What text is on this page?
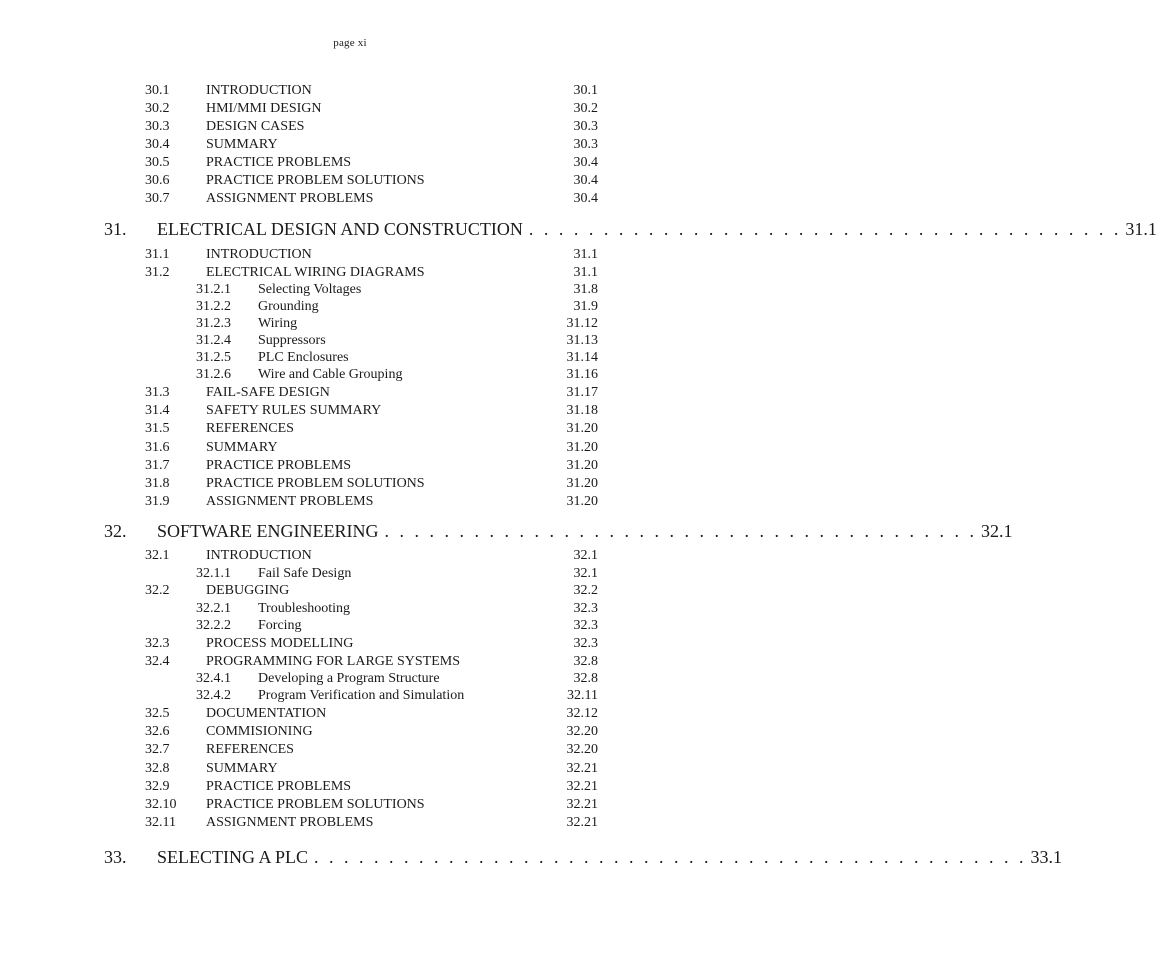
page xi
30.1	INTRODUCTION	30.1
30.2	HMI/MMI DESIGN	30.2
30.3	DESIGN CASES	30.3
30.4	SUMMARY	30.3
30.5	PRACTICE PROBLEMS	30.4
30.6	PRACTICE PROBLEM SOLUTIONS	30.4
30.7	ASSIGNMENT PROBLEMS	30.4
31. ELECTRICAL DESIGN AND CONSTRUCTION . . . . . . . . . . . . . . . . . . . . . . . . . . . . . . . . . . . . . . . . 31.1
31.1	INTRODUCTION	31.1
31.2	ELECTRICAL WIRING DIAGRAMS	31.1
31.2.1 Selecting Voltages	31.8
31.2.2 Grounding	31.9
31.2.3 Wiring	31.12
31.2.4 Suppressors	31.13
31.2.5 PLC Enclosures	31.14
31.2.6 Wire and Cable Grouping	31.16
31.3	FAIL-SAFE DESIGN	31.17
31.4	SAFETY RULES SUMMARY	31.18
31.5	REFERENCES	31.20
31.6	SUMMARY	31.20
31.7	PRACTICE PROBLEMS	31.20
31.8	PRACTICE PROBLEM SOLUTIONS	31.20
31.9	ASSIGNMENT PROBLEMS	31.20
32. SOFTWARE ENGINEERING . . . . . . . . . . . . . . . . . . . . . . . . . . . . . . . . . . . . . . . . 32.1
32.1	INTRODUCTION	32.1
32.1.1 Fail Safe Design	32.1
32.2	DEBUGGING	32.2
32.2.1 Troubleshooting	32.3
32.2.2 Forcing	32.3
32.3	PROCESS MODELLING	32.3
32.4	PROGRAMMING FOR LARGE SYSTEMS	32.8
32.4.1 Developing a Program Structure	32.8
32.4.2 Program Verification and Simulation	32.11
32.5	DOCUMENTATION	32.12
32.6	COMMISIONING	32.20
32.7	REFERENCES	32.20
32.8	SUMMARY	32.21
32.9	PRACTICE PROBLEMS	32.21
32.10 PRACTICE PROBLEM SOLUTIONS	32.21
32.11 ASSIGNMENT PROBLEMS	32.21
33. SELECTING A PLC . . . . . . . . . . . . . . . . . . . . . . . . . . . . . . . . . . . . . . . . . . . . . . . . 33.1
